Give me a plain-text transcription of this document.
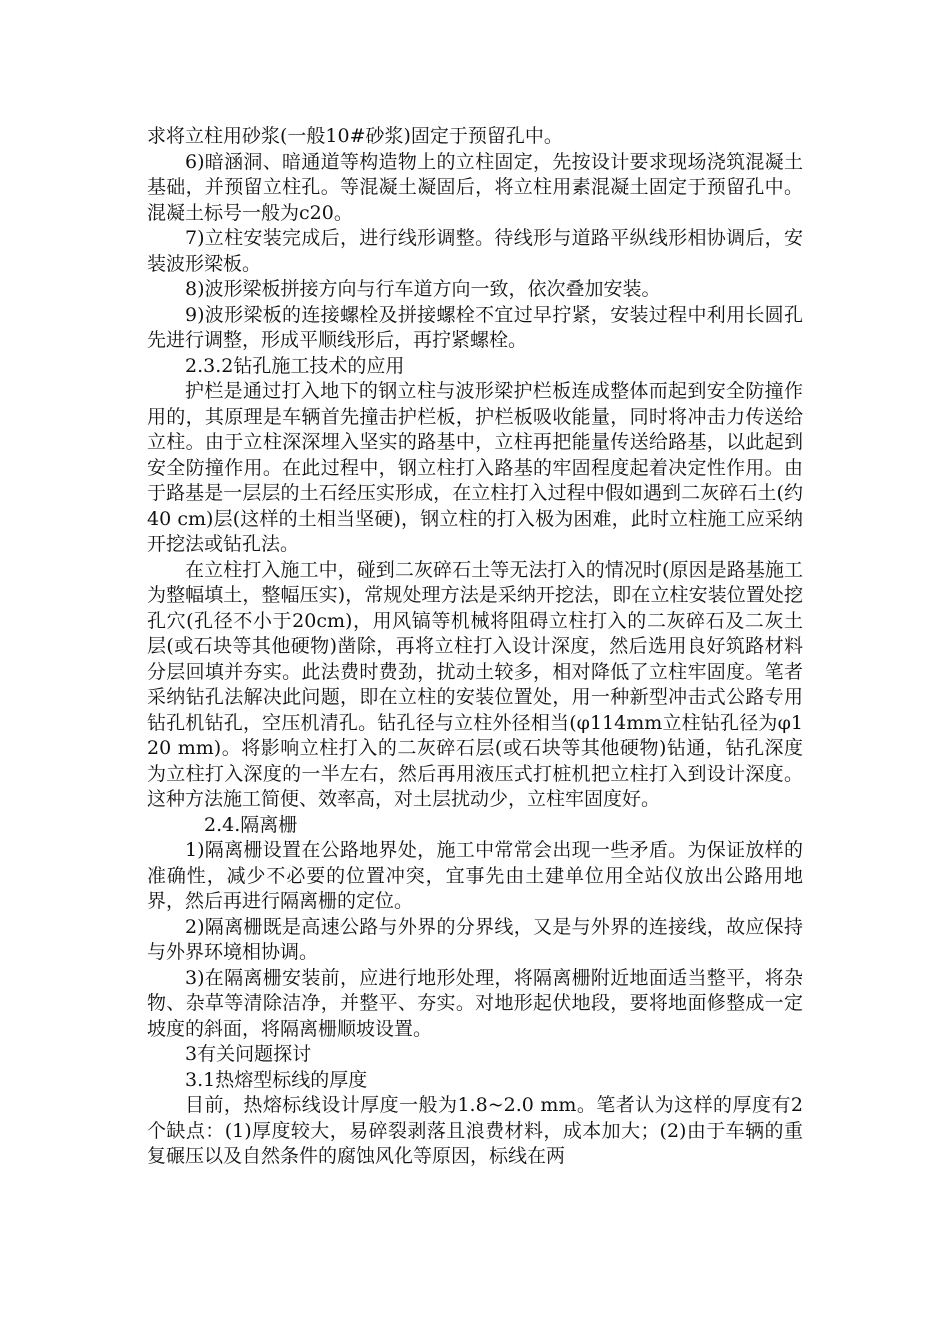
求将立柱用砂浆(一般10#砂浆)固定于预留孔中。

6)暗涵洞、暗通道等构造物上的立柱固定，先按设计要求现场浇筑混凝土基础，并预留立柱孔。等混凝土凝固后，将立柱用素混凝土固定于预留孔中。混凝土标号一般为c20。

7)立柱安装完成后，进行线形调整。待线形与道路平纵线形相协调后，安装波形梁板。

8)波形梁板拼接方向与行车道方向一致，依次叠加安装。

9)波形梁板的连接螺栓及拼接螺栓不宜过早拧紧，安装过程中利用长圆孔先进行调整，形成平顺线形后，再拧紧螺栓。

2.3.2钻孔施工技术的应用

护栏是通过打入地下的钢立柱与波形梁护栏板连成整体而起到安全防撞作用的，其原理是车辆首先撞击护栏板，护栏板吸收能量，同时将冲击力传送给立柱。由于立柱深深埋入坚实的路基中，立柱再把能量传送给路基，以此起到安全防撞作用。在此过程中，钢立柱打入路基的牢固程度起着决定性作用。由于路基是一层层的土石经压实形成，在立柱打入过程中假如遇到二灰碎石土(约40 cm)层(这样的土相当坚硬)，钢立柱的打入极为困难，此时立柱施工应采纳开挖法或钻孔法。

在立柱打入施工中，碰到二灰碎石土等无法打入的情况时(原因是路基施工为整幅填土，整幅压实)，常规处理方法是采纳开挖法，即在立柱安装位置处挖孔穴(孔径不小于20cm)，用风镐等机械将阻碍立柱打入的二灰碎石及二灰土层(或石块等其他硬物)凿除，再将立柱打入设计深度，然后选用良好筑路材料分层回填并夯实。此法费时费劲，扰动土较多，相对降低了立柱牢固度。笔者采纳钻孔法解决此问题，即在立柱的安装位置处，用一种新型冲击式公路专用钻孔机钻孔，空压机清孔。钻孔径与立柱外径相当(φ114mm立柱钻孔径为φ120 mm)。将影响立柱打入的二灰碎石层(或石块等其他硬物)钻通，钻孔深度为立柱打入深度的一半左右，然后再用液压式打桩机把立柱打入到设计深度。这种方法施工简便、效率高，对土层扰动少，立柱牢固度好。

2.4.隔离栅

1)隔离栅设置在公路地界处，施工中常常会出现一些矛盾。为保证放样的准确性，减少不必要的位置冲突，宜事先由土建单位用全站仪放出公路用地界，然后再进行隔离栅的定位。

2)隔离栅既是高速公路与外界的分界线，又是与外界的连接线，故应保持与外界环境相协调。

3)在隔离栅安装前，应进行地形处理，将隔离栅附近地面适当整平，将杂物、杂草等清除洁净，并整平、夯实。对地形起伏地段，要将地面修整成一定坡度的斜面，将隔离栅顺坡设置。

3有关问题探讨

3.1热熔型标线的厚度

目前，热熔标线设计厚度一般为1.8~2.0 mm。笔者认为这样的厚度有2个缺点：(1)厚度较大，易碎裂剥落且浪费材料，成本加大；(2)由于车辆的重复碾压以及自然条件的腐蚀风化等原因，标线在两
